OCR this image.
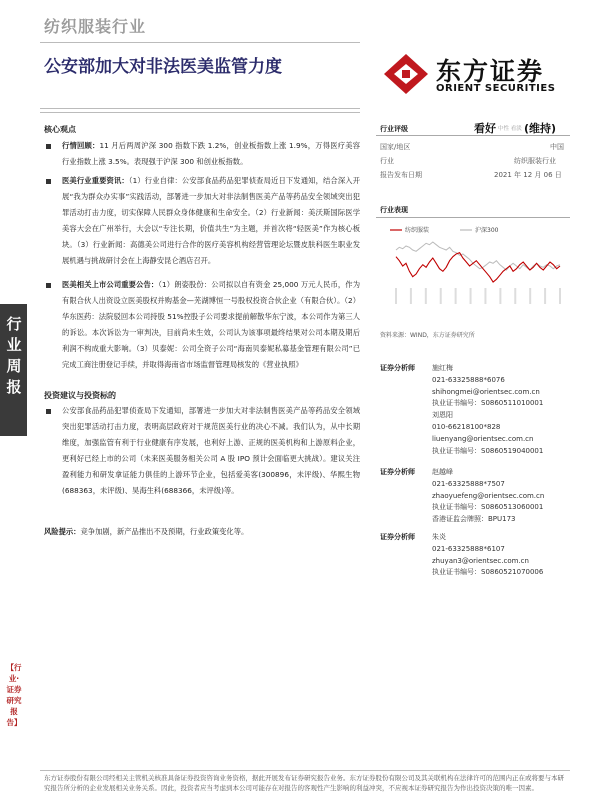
纺织服装行业
公安部加大对非法医美监管力度	东方证券
ORIENT SECURITIES
核心观点
行情回顾：11 月后两周沪深 300 指数下跌 1.2%，创业板指数上涨 1.9%，万得医疗美容行业指数上涨 3.5%。表现强于沪深 300 和创业板指数。
医美行业重要资讯：（1）行业自律：公安部食品药品犯罪侦查局近日下发通知，结合深入开展“我为群众办实事”实践活动，部署进一步加大对非法制售医美产品等药品安全领域突出犯罪活动打击力度，切实保障人民群众身体健康和生命安全。（2）行业新闻：美沃斯国际医学美容大会在广州举行，大会以“专注长期，价值共生”为主题，并首次将“轻医美”作为核心板块。（3）行业新闻：高德美公司进行合作的医疗美容机构经营管理论坛暨皮肤科医生职业发展机遇与挑战研讨会在上海静安昆仑酒店召开。
医美相关上市公司重要公告：（1）朗姿股份：公司拟以自有资金 25,000 万元人民币，作为有限合伙人出资设立医美股权并购基金—芜湖博恒一号股权投资合伙企业（有限合伙）。（2）华东医药：法院驳回本公司持股 51%控股子公司要求提前解散华东宁波，本公司作为第三人的诉讼。本次诉讼为一审判决，目前尚未生效，公司认为该事项最终结果对公司本期及期后利润不构成重大影响。（3）贝泰妮：公司全资子公司“海南贝泰妮私募基金管理有限公司”已完成工商注册登记手续，并取得海南省市场监督管理局核发的《营业执照》
投资建议与投资标的
公安部食品药品犯罪侦查局下发通知，部署进一步加大对非法制售医美产品等药品安全领域突出犯罪活动打击力度，表明高层政府对于规范医美行业的决心不减。我们认为，从中长期维度，加强监管有利于行业健康有序发展，也利好上游、正规的医美机构和上游原料企业，更利好已经上市的公司（未来医美服务相关公司 A 股 IPO 预计会面临更大挑战）。建议关注盈利能力和研发拿证能力俱佳的上游环节企业，包括爱美客(300896，未评级)、华熙生物(688363，未评级)、昊海生科(688366，未评级)等。
风险提示：竞争加剧，新产品推出不及预期，行业政策变化等。
行业周报
【行业·证券研究报告】
行业评级	看好 中性 看淡 (维持)
国家/地区	中国
行业	纺织服装行业
报告发布日期	2021 年 12 月 06 日
行业表现
纺织服装	沪深300
资料来源：WIND，东方证券研究所
证券分析师 施红梅
021-63325888*6076
shihongmei@orientsec.com.cn
执业证书编号：S0860511010001
刘恩阳
010-66218100*828
liuenyang@orientsec.com.cn
执业证书编号：S0860519040001
证券分析师 赵越峰
021-63325888*7507
zhaoyuefeng@orientsec.com.cn
执业证书编号：S0860513060001
香港证监会牌照：BPU173
证券分析师 朱炎
021-63325888*6107
zhuyan3@orientsec.com.cn
执业证书编号：S0860521070006
东方证券股份有限公司经相关主管机关核准具备证券投资咨询业务资格，据此开展发布证券研究报告业务。东方证券股份有限公司及其关联机构在法律许可的范围内正在或将要与本研究报告所分析的企业发展相关业务关系。因此，投资者应当考虑到本公司可能存在对报告的客观性产生影响的利益冲突，不应视本证券研究报告为作出投资决策的唯一因素。
